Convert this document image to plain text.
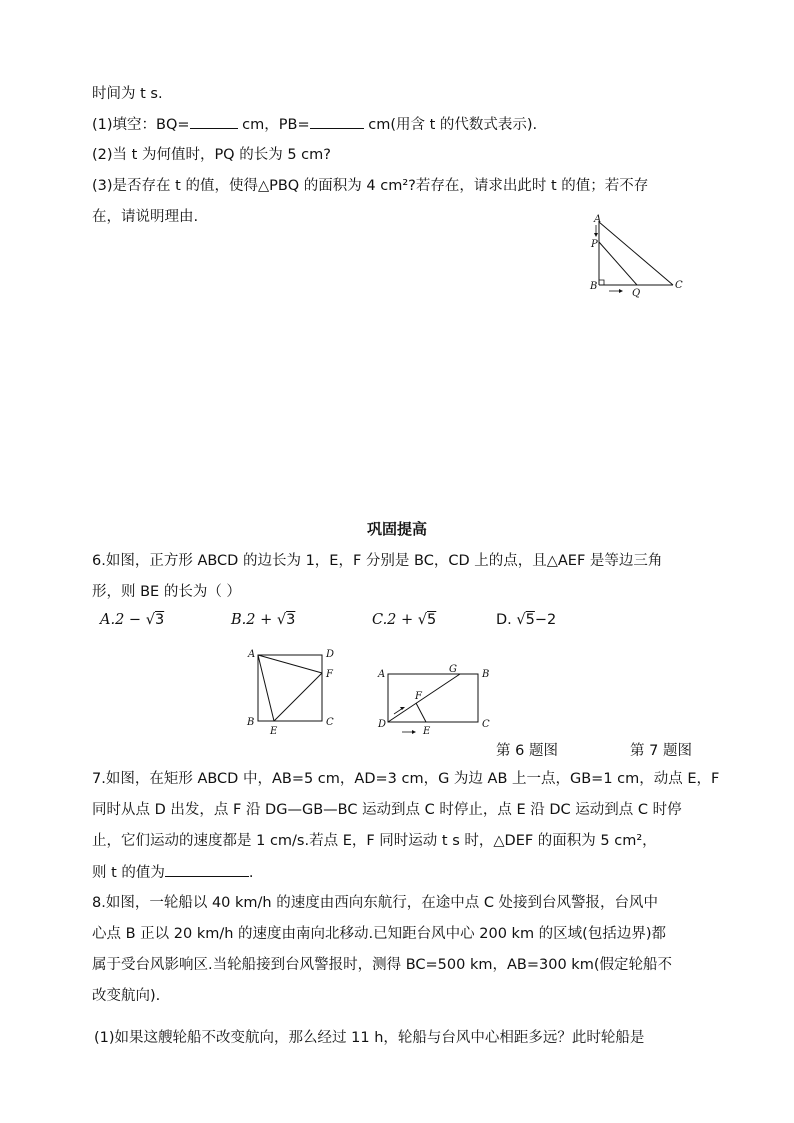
时间为 t s.
(1)填空：BQ=	cm，PB=	cm(用含 t 的代数式表示).
(2)当 t 为何值时，PQ 的长为 5 cm?
(3)是否存在 t 的值，使得△PBQ 的面积为 4 cm²?若存在，请求出此时 t 的值；若不存
在，请说明理由.	A
P
B
Q
C
巩固提高
6.如图，正方形 ABCD 的边长为 1，E，F 分别是 BC，CD 上的点，且△AEF 是等边三角
形，则 BE 的长为（ ）
A.2 − √3	B.2 + √3	C.2 + √5	D. √5−2
A	D
F
B
E
C
A	G	B
F
D
E
C
第 6 题图	第 7 题图
7.如图，在矩形 ABCD 中，AB=5 cm，AD=3 cm，G 为边 AB 上一点，GB=1 cm，动点 E，F
同时从点 D 出发，点 F 沿 DG—GB—BC 运动到点 C 时停止，点 E 沿 DC 运动到点 C 时停
止，它们运动的速度都是 1 cm/s.若点 E，F 同时运动 t s 时，△DEF 的面积为 5 cm²，
则 t 的值为	.
8.如图，一轮船以 40 km/h 的速度由西向东航行，在途中点 C 处接到台风警报，台风中
心点 B 正以 20 km/h 的速度由南向北移动.已知距台风中心 200 km 的区域(包括边界)都
属于受台风影响区.当轮船接到台风警报时，测得 BC=500 km，AB=300 km(假定轮船不
改变航向).
(1)如果这艘轮船不改变航向，那么经过 11 h，轮船与台风中心相距多远？此时轮船是
